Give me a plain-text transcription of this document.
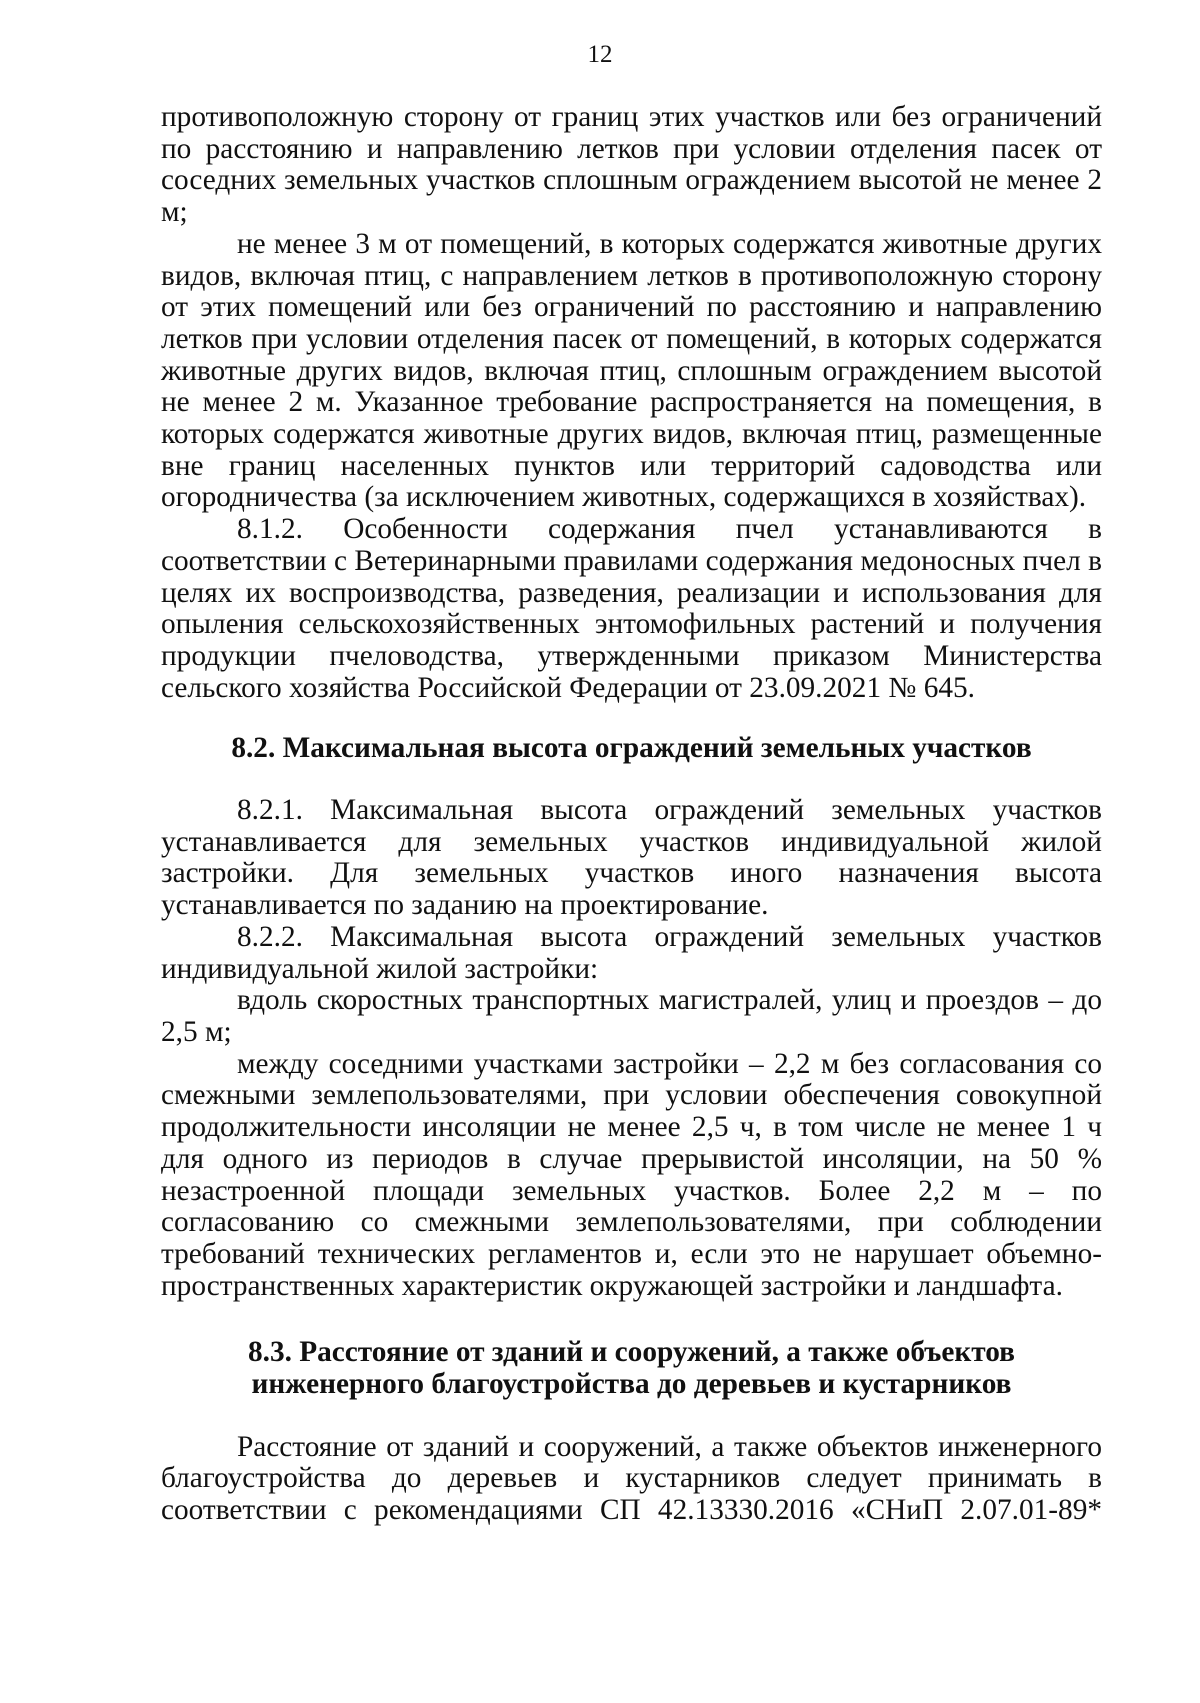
12

противоположную сторону от границ этих участков или без ограничений по расстоянию и направлению летков при условии отделения пасек от соседних земельных участков сплошным ограждением высотой не менее 2 м;

не менее 3 м от помещений, в которых содержатся животные других видов, включая птиц, с направлением летков в противоположную сторону от этих помещений или без ограничений по расстоянию и направлению летков при условии отделения пасек от помещений, в которых содержатся животные других видов, включая птиц, сплошным ограждением высотой не менее 2 м. Указанное требование распространяется на помещения, в которых содержатся животные других видов, включая птиц, размещенные вне границ населенных пунктов или территорий садоводства или огородничества (за исключением животных, содержащихся в хозяйствах).

8.1.2. Особенности содержания пчел устанавливаются в соответствии с Ветеринарными правилами содержания медоносных пчел в целях их воспроизводства, разведения, реализации и использования для опыления сельскохозяйственных энтомофильных растений и получения продукции пчеловодства, утвержденными приказом Министерства сельского хозяйства Российской Федерации от 23.09.2021 № 645.

8.2. Максимальная высота ограждений земельных участков

8.2.1. Максимальная высота ограждений земельных участков устанавливается для земельных участков индивидуальной жилой застройки. Для земельных участков иного назначения высота устанавливается по заданию на проектирование.

8.2.2. Максимальная высота ограждений земельных участков индивидуальной жилой застройки:

вдоль скоростных транспортных магистралей, улиц и проездов – до 2,5 м;

между соседними участками застройки – 2,2 м без согласования со смежными землепользователями, при условии обеспечения совокупной продолжительности инсоляции не менее 2,5 ч, в том числе не менее 1 ч для одного из периодов в случае прерывистой инсоляции, на 50 % незастроенной площади земельных участков. Более 2,2 м – по согласованию со смежными землепользователями, при соблюдении требований технических регламентов и, если это не нарушает объемно-пространственных характеристик окружающей застройки и ландшафта.

8.3. Расстояние от зданий и сооружений, а также объектов

инженерного благоустройства до деревьев и кустарников

Расстояние от зданий и сооружений, а также объектов инженерного благоустройства до деревьев и кустарников следует принимать в соответствии с рекомендациями СП 42.13330.2016 «СНиП 2.07.01-89*
